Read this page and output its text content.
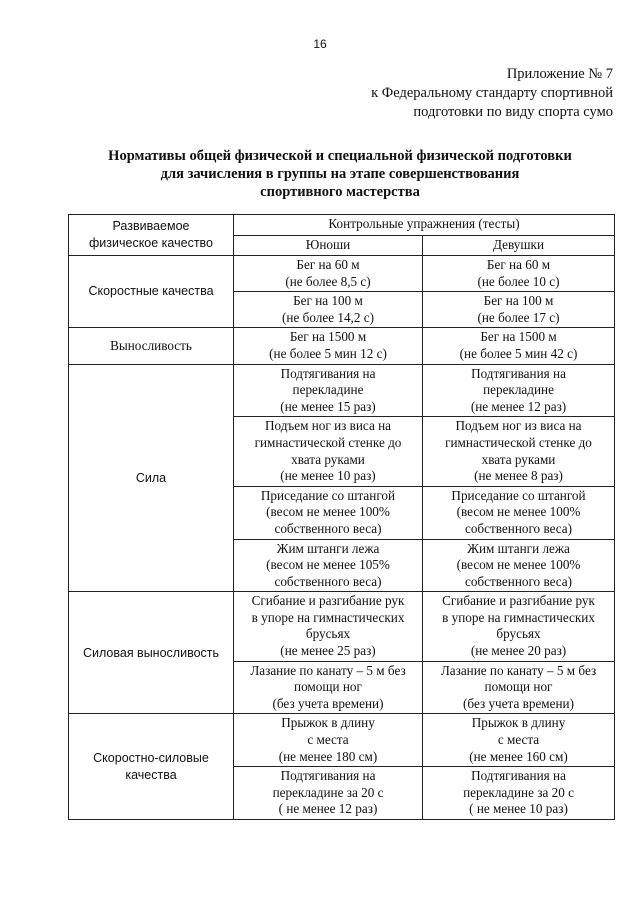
16
Приложение № 7
к Федеральному стандарту спортивной
подготовки по виду спорта сумо
Нормативы общей физической и специальной физической подготовки
для зачисления в группы на этапе совершенствования
спортивного мастерства
Развиваемое
физическое качество	Контрольные упражнения (тесты)	
	Юноши	Девушки

Скоростные качества	Бег на 60 м
(не более 8,5 с)	Бег на 60 м
(не более 10 с)

	Бег на 100 м
(не более 14,2 с)	Бег на 100 м
(не более 17 с)

Выносливость	Бег на 1500 м
(не более 5 мин 12 с)	Бег на 1500 м
(не более 5 мин 42 с)

Сила	Подтягивания на
перекладине
(не менее 15 раз)	Подтягивания на
перекладине
(не менее 12 раз)

	Подъем ног из виса на
гимнастической стенке до
хвата руками
(не менее 10 раз)	Подъем ног из виса на
гимнастической стенке до
хвата руками
(не менее 8 раз)

	Приседание со штангой
(весом не менее 100%
собственного веса)	Приседание со штангой
(весом не менее 100%
собственного веса)

	Жим штанги лежа
(весом не менее 105%
собственного веса)	Жим штанги лежа
(весом не менее 100%
собственного веса)

Силовая выносливость	Сгибание и разгибание рук
в упоре на гимнастических
брусьях
(не менее 25 раз)	Сгибание и разгибание рук
в упоре на гимнастических
брусьях
(не менее 20 раз)

	Лазание по канату – 5 м без
помощи ног
(без учета времени)	Лазание по канату – 5 м без
помощи ног
(без учета времени)

Скоростно-силовые
качества	Прыжок в длину
с места
(не менее 180 см)	Прыжок в длину
с места
(не менее 160 см)

	Подтягивания на
перекладине за 20 с
( не менее 12 раз)	Подтягивания на
перекладине за 20 с
( не менее 10 раз)
